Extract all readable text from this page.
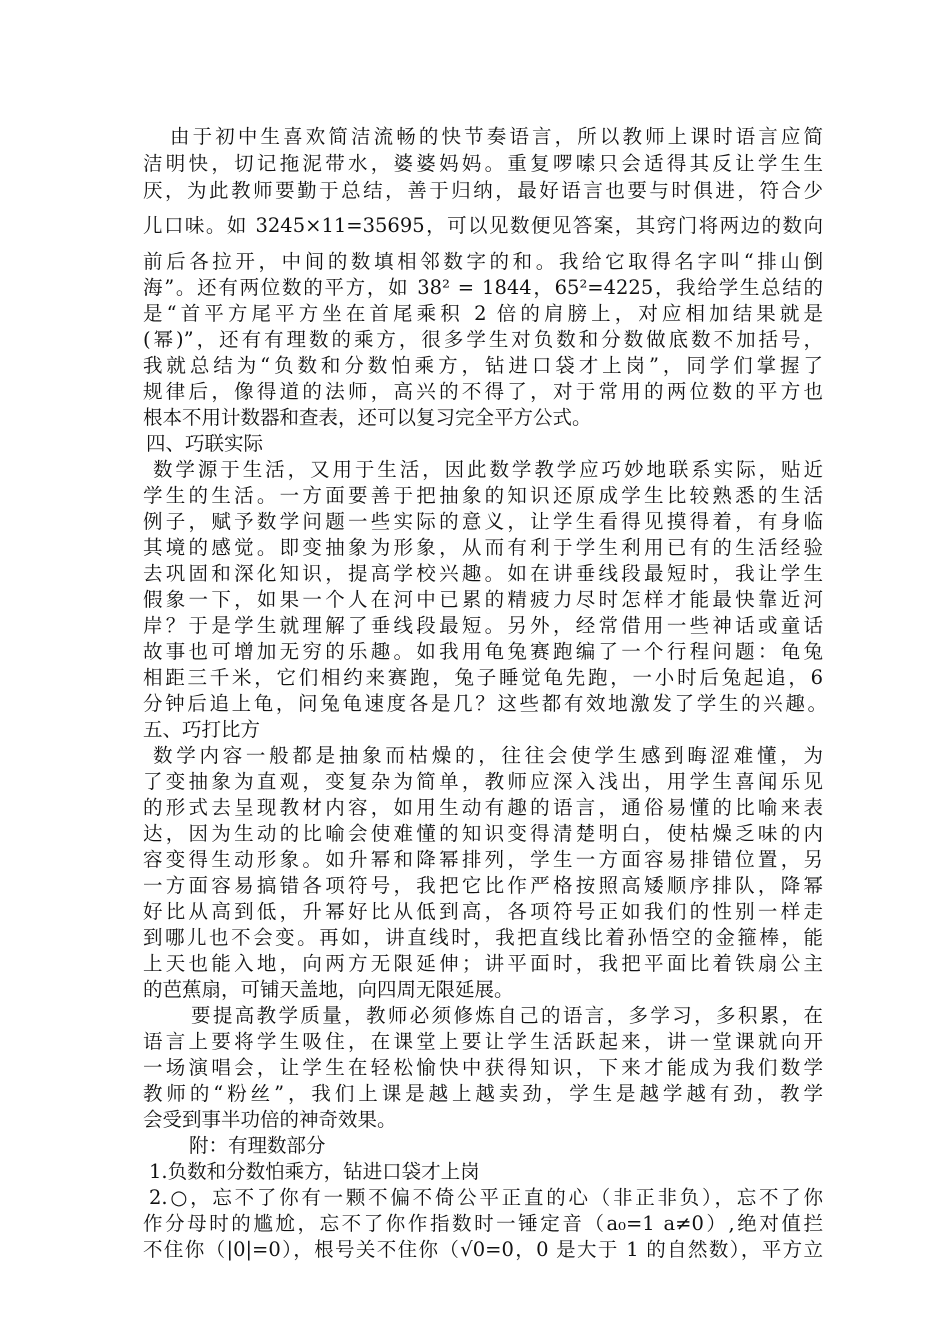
由于初中生喜欢简洁流畅的快节奏语言，所以教师上课时语言应简
洁明快，切记拖泥带水，婆婆妈妈。重复啰嗦只会适得其反让学生生
厌，为此教师要勤于总结，善于归纳，最好语言也要与时俱进，符合少
儿口味。如 3245×11=35695，可以见数便见答案，其窍门将两边的数向
前后各拉开，中间的数填相邻数字的和。我给它取得名字叫“排山倒
海”。还有两位数的平方，如 38² = 1844，65²=4225，我给学生总结的
是“首平方尾平方坐在首尾乘积 2 倍的肩膀上，对应相加结果就是
(幂)”，还有有理数的乘方，很多学生对负数和分数做底数不加括号，
我就总结为“负数和分数怕乘方，钻进口袋才上岗”，同学们掌握了
规律后，像得道的法师，高兴的不得了，对于常用的两位数的平方也
根本不用计数器和查表，还可以复习完全平方公式。
四、巧联实际
数学源于生活，又用于生活，因此数学教学应巧妙地联系实际，贴近
学生的生活。一方面要善于把抽象的知识还原成学生比较熟悉的生活
例子，赋予数学问题一些实际的意义，让学生看得见摸得着，有身临
其境的感觉。即变抽象为形象，从而有利于学生利用已有的生活经验
去巩固和深化知识，提高学校兴趣。如在讲垂线段最短时，我让学生
假象一下，如果一个人在河中已累的精疲力尽时怎样才能最快靠近河
岸？于是学生就理解了垂线段最短。另外，经常借用一些神话或童话
故事也可增加无穷的乐趣。如我用龟兔赛跑编了一个行程问题：龟兔
相距三千米，它们相约来赛跑，兔子睡觉龟先跑，一小时后兔起追，6
分钟后追上龟，问兔龟速度各是几？这些都有效地激发了学生的兴趣。
五、巧打比方
数学内容一般都是抽象而枯燥的，往往会使学生感到晦涩难懂，为
了变抽象为直观，变复杂为简单，教师应深入浅出，用学生喜闻乐见
的形式去呈现教材内容，如用生动有趣的语言，通俗易懂的比喻来表
达，因为生动的比喻会使难懂的知识变得清楚明白，使枯燥乏味的内
容变得生动形象。如升幂和降幂排列，学生一方面容易排错位置，另
一方面容易搞错各项符号，我把它比作严格按照高矮顺序排队，降幂
好比从高到低，升幂好比从低到高，各项符号正如我们的性别一样走
到哪儿也不会变。再如，讲直线时，我把直线比着孙悟空的金箍棒，能
上天也能入地，向两方无限延伸；讲平面时，我把平面比着铁扇公主
的芭蕉扇，可铺天盖地，向四周无限延展。
要提高教学质量，教师必须修炼自己的语言，多学习，多积累，在
语言上要将学生吸住，在课堂上要让学生活跃起来，讲一堂课就向开
一场演唱会，让学生在轻松愉快中获得知识，下来才能成为我们数学
教师的“粉丝”，我们上课是越上越卖劲，学生是越学越有劲，教学
会受到事半功倍的神奇效果。
附：有理数部分
1.负数和分数怕乘方，钻进口袋才上岗
2.○，忘不了你有一颗不偏不倚公平正直的心（非正非负），忘不了你
作分母时的尴尬，忘不了你作指数时一锤定音（a₀=1 a≠0）,绝对值拦
不住你（|0|=0），根号关不住你（√0=0，0 是大于 1 的自然数），平方立
